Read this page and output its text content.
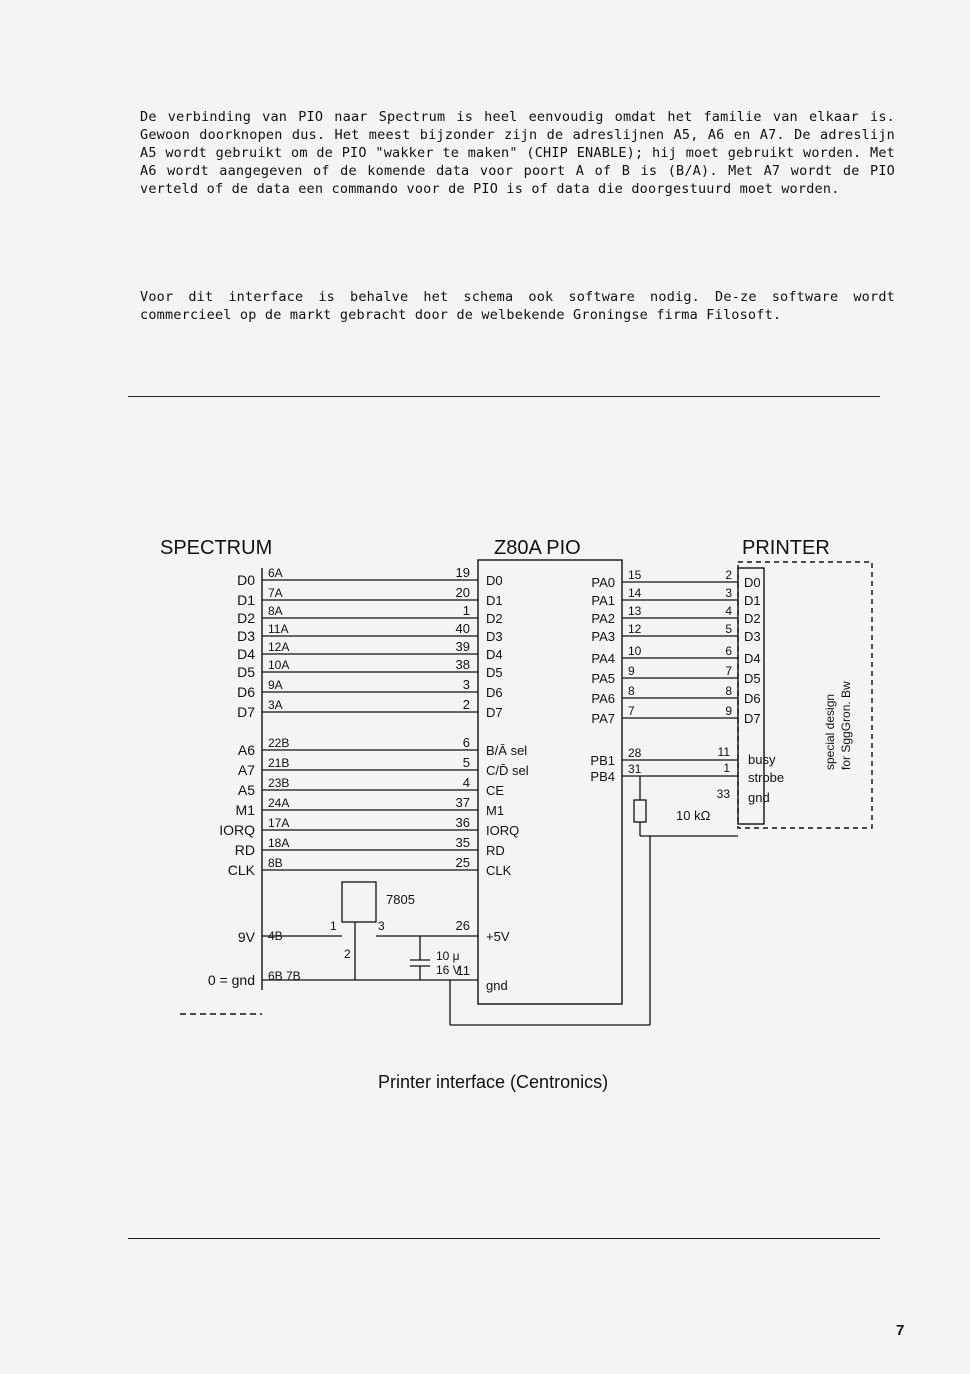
De verbinding van PIO naar Spectrum is heel eenvoudig omdat het familie van elkaar is. Gewoon doorknopen dus. Het meest bijzonder zijn de adreslijnen A5, A6 en A7. De adreslijn A5 wordt gebruikt om de PIO "wakker te maken" (CHIP ENABLE); hij moet gebruikt worden. Met A6 wordt aangegeven of de komende data voor poort A of B is (B/A). Met A7 wordt de PIO verteld of de data een commando voor de PIO is of data die doorgestuurd moet worden.

Voor dit interface is behalve het schema ook software nodig. De-ze software wordt commercieel op de markt gebracht door de welbekende Groningse firma Filosoft.

SPECTRUM	Z80A PIO	PRINTER
D0 6A	19
D0
D1 7A	20
D1
D2 8A	1
D2
D3 11A	40
D3
D4 12A	39
D4
D5 10A	38
D5
D6 9A	3
D6
D7 3A	2
D7
A6 22B	6
B/Ā sel
A7 21B	5
C/D̄ sel
A5 23B	4
CE
M1 24A	37
M1
IORQ 17A	36
IORQ
RD 18A	35
RD
CLK 8B	25
CLK
PA0 15	2 D0
PA1 14	3 D1
PA2 13	4 D2
PA3 12	5 D3
PA4 10	6 D4
PA5 9	7 D5
PA6 8	8 D6
PA7 7	9 D7
PB1 28
PB4 31
10 kΩ
11
1
33
busy
strobe
gnd
special design for SggGron. Bw
7805
1
2
3
9V 4B
10 μ
16 V
26
+5V
11
gnd
0 = gnd 6B 7B
Printer interface (Centronics)
7
